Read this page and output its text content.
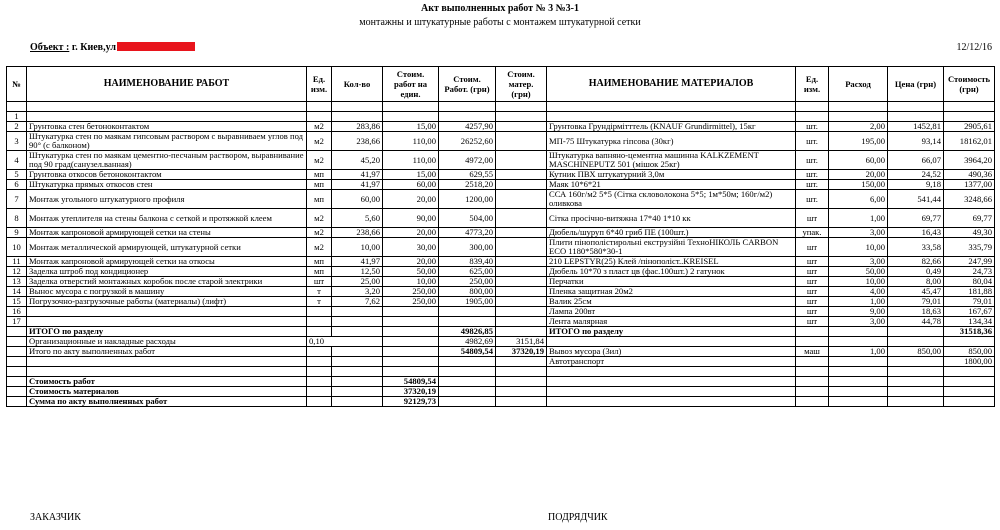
Акт выполненных работ № 3 №3-1
монтажны и штукатурные работы с монтажем штукатурной сетки
Объект : г. Киев,ул	12/12/16
№	НАИМЕНОВАНИЕ РАБОТ	Ед. изм.	Кол-во	Стоим. работ на един.	Стоим. Работ. (грн)	Стоим. матер. (грн)	НАИМЕНОВАНИЕ МАТЕРИАЛОВ	Ед. изм.	Расход	Цена (грн)	Стоимость (грн)

1											
2	Грунтовка стен бетоноконтактом	м2	283,86	15,00	4257,90		Грунтовка Грундірмітттель (KNAUF Grundirmittel), 15кг	шт.	2,00	1452,81	2905,61
3	Штукатурка стен по маякам гипсовым раствором с выравниваем углов под 90° (с балконом)	м2	238,66	110,00	26252,60		МП-75 Штукатурка гіпсова (30кг)	шт.	195,00	93,14	18162,01
4	Штукатурка стен по маякам цементно-песчаным раствором, выравнивание под 90 град(санузел.ванная)	м2	45,20	110,00	4972,00		Штукатурка вапняно-цементна машинна KALKZEMENT MASCHINEPUTZ 501 (мішок 25кг)	шт.	60,00	66,07	3964,20
5	Грунтовка откосов бетоноконтактом	мп	41,97	15,00	629,55		Кутник ПВХ штукатурний 3,0м	шт.	20,00	24,52	490,36
6	Штукатурка прямых откосов стен	мп	41,97	60,00	2518,20		Маяк 10*6*21	шт.	150,00	9,18	1377,00
7	Монтаж угольного штукатурного профиля	мп	60,00	20,00	1200,00		ССА 160г/м2 5*5 (Сітка скловолокона 5*5; 1м*50м; 160г/м2) оливкова	шт.	6,00	541,44	3248,66
8	Монтаж утеплителя на стены балкона с сеткой и протяжкой клеем	м2	5,60	90,00	504,00		Сітка просічно-витяжна 17*40 1*10 кк	шт	1,00	69,77	69,77
9	Монтаж капроновой армирующей сетки на стены	м2	238,66	20,00	4773,20		Дюбель/шуруп 6*40 гриб ПЕ (100шт.)	упак.	3,00	16,43	49,30
10	Монтаж металлической армирующей, штукатурной сетки	м2	10,00	30,00	300,00		Плити пінополістирольні екструзійні ТехноНІКОЛЬ CARBON ECO 1180*580*30-1	шт	10,00	33,58	335,79
11	Монтаж капроновой армирующей сетки на откосы	мп	41,97	20,00	839,40		210 LEPSTYR(25) Клей /пінополіст..KREISEL	шт	3,00	82,66	247,99
12	Заделка штроб под кондиционер	мп	12,50	50,00	625,00		Дюбель 10*70 з пласт цв (фас.100шт.) 2 гатунок	шт	50,00	0,49	24,73
13	Заделка отверстий монтажных коробок после старой электрики	шт	25,00	10,00	250,00		Перчатки	шт	10,00	8,00	80,04
14	Вынос мусора с погрузкой в машину	т	3,20	250,00	800,00		Пленка защитная 20м2	шт	4,00	45,47	181,88
15	Погрузочно-разгрузочные работы (материалы) (лифт)	т	7,62	250,00	1905,00		Валик 25см	шт	1,00	79,01	79,01
16							Лампа 200вт	шт	9,00	18,63	167,67
17							Лента малярная	шт	3,00	44,78	134,34
	ИТОГО по разделу				49826,85		ИТОГО по разделу				31518,36
	Организационные и накладные расходы	0,10			4982,69	3151,84					
	Итого по акту выполненных работ				54809,54	37320,19	Вывоз мусора (3ил)	маш	1,00	850,00	850,00
							Автотранспорт				1800,00

	Стоимость работ			54809,54							
	Стоимость материалов			37320,19							
	Сумма по акту выполненных работ			92129,73							
ЗАКАЗЧИК	ПОДРЯДЧИК
